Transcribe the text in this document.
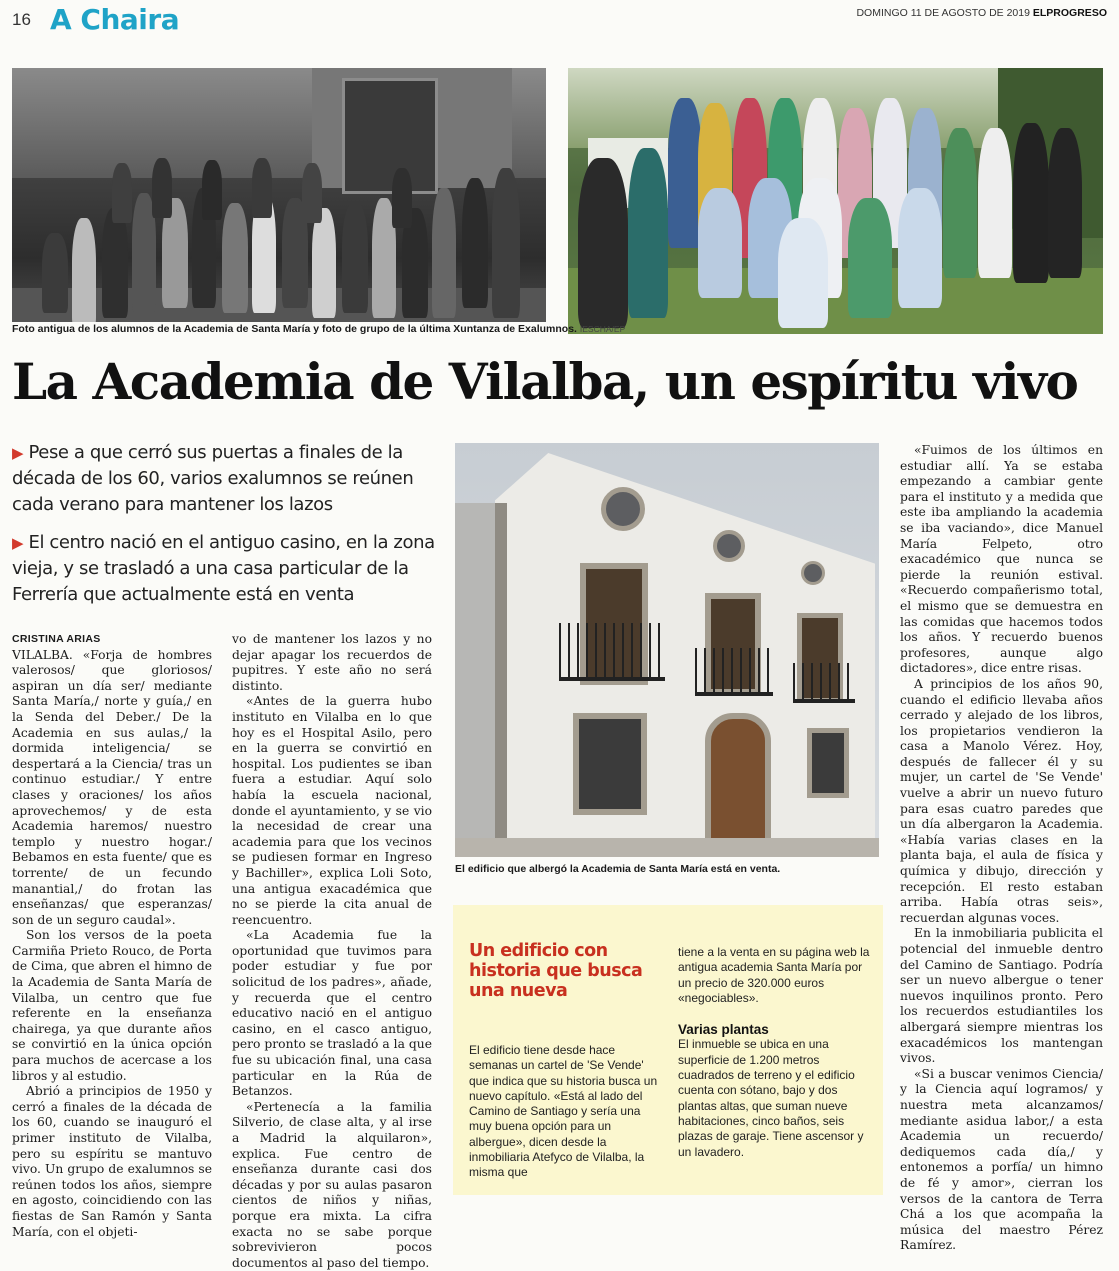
16 A Chaira	DOMINGO 11 DE AGOSTO DE 2019 ELPROGRESO
Foto antigua de los alumnos de la Academia de Santa María y foto de grupo de la última Xuntanza de Exalumnos. IESCHA/EP
La Academia de Vilalba, un espíritu vivo
▶ Pese a que cerró sus puertas a finales de la década de los 60, varios exalumnos se reúnen cada verano para mantener los lazos
▶ El centro nació en el antiguo casino, en la zona vieja, y se trasladó a una casa particular de la Ferrería que actualmente está en venta
CRISTINA ARIAS

VILALBA. «Forja de hombres valerosos/ que gloriosos/ aspiran un día ser/ mediante Santa María,/ norte y guía,/ en la Senda del Deber./ De la Academia en sus aulas,/ la dormida inteligencia/ se despertará a la Ciencia/ tras un continuo estudiar./ Y entre clases y oraciones/ los años aprovechemos/ y de esta Academia haremos/ nuestro templo y nuestro hogar./ Bebamos en esta fuente/ que es torrente/ de un fecundo manantial,/ do frotan las enseñanzas/ que esperanzas/ son de un seguro caudal».

Son los versos de la poeta Carmiña Prieto Rouco, de Porta de Cima, que abren el himno de la Academia de Santa María de Vilalba, un centro que fue referente en la enseñanza chairega, ya que durante años se convirtió en la única opción para muchos de acercase a los libros y al estudio.

Abrió a principios de 1950 y cerró a finales de la década de los 60, cuando se inauguró el primer instituto de Vilalba, pero su espíritu se mantuvo vivo. Un grupo de exalumnos se reúnen todos los años, siempre en agosto, coincidiendo con las fiestas de San Ramón y Santa María, con el objeti-

vo de mantener los lazos y no dejar apagar los recuerdos de pupitres. Y este año no será distinto.

«Antes de la guerra hubo instituto en Vilalba en lo que hoy es el Hospital Asilo, pero en la guerra se convirtió en hospital. Los pudientes se iban fuera a estudiar. Aquí solo había la escuela nacional, donde el ayuntamiento, y se vio la necesidad de crear una academia para que los vecinos se pudiesen formar en Ingreso y Bachiller», explica Loli Soto, una antigua exacadémica que no se pierde la cita anual de reencuentro.

«La Academia fue la oportunidad que tuvimos para poder estudiar y fue por solicitud de los padres», añade, y recuerda que el centro educativo nació en el antiguo casino, en el casco antiguo, pero pronto se trasladó a la que fue su ubicación final, una casa particular en la Rúa de Betanzos.

«Pertenecía a la familia Silverio, de clase alta, y al irse a Madrid la alquilaron», explica. Fue centro de enseñanza durante casi dos décadas y por su aulas pasaron cientos de niños y niñas, porque era mixta. La cifra exacta no se sabe porque sobrevivieron pocos documentos al paso del tiempo.

El edificio que albergó la Academia de Santa María está en venta.
Un edificio con historia que busca una nueva

El edificio tiene desde hace semanas un cartel de 'Se Vende' que indica que su historia busca un nuevo capítulo. «Está al lado del Camino de Santiago y sería una muy buena opción para un albergue», dicen desde la inmobiliaria Atefyco de Vilalba, la misma que

tiene a la venta en su página web la antigua academia Santa María por un precio de 320.000 euros «negociables».

Varias plantas

El inmueble se ubica en una superficie de 1.200 metros cuadrados de terreno y el edificio cuenta con sótano, bajo y dos plantas altas, que suman nueve habitaciones, cinco baños, seis plazas de garaje. Tiene ascensor y un lavadero.

«Fuimos de los últimos en estudiar allí. Ya se estaba empezando a cambiar gente para el instituto y a medida que este iba ampliando la academia se iba vaciando», dice Manuel María Felpeto, otro exacadémico que nunca se pierde la reunión estival. «Recuerdo compañerismo total, el mismo que se demuestra en las comidas que hacemos todos los años. Y recuerdo buenos profesores, aunque algo dictadores», dice entre risas.

A principios de los años 90, cuando el edificio llevaba años cerrado y alejado de los libros, los propietarios vendieron la casa a Manolo Vérez. Hoy, después de fallecer él y su mujer, un cartel de 'Se Vende' vuelve a abrir un nuevo futuro para esas cuatro paredes que un día albergaron la Academia. «Había varias clases en la planta baja, el aula de física y química y dibujo, dirección y recepción. El resto estaban arriba. Había otras seis», recuerdan algunas voces.

En la inmobiliaria publicita el potencial del inmueble dentro del Camino de Santiago. Podría ser un nuevo albergue o tener nuevos inquilinos pronto. Pero los recuerdos estudiantiles los albergará siempre mientras los exacadémicos los mantengan vivos.

«Si a buscar venimos Ciencia/ y la Ciencia aquí logramos/ y nuestra meta alcanzamos/ mediante asidua labor,/ a esta Academia un recuerdo/ dediquemos cada día,/ y entonemos a porfía/ un himno de fé y amor», cierran los versos de la cantora de Terra Chá a los que acompaña la música del maestro Pérez Ramírez.
